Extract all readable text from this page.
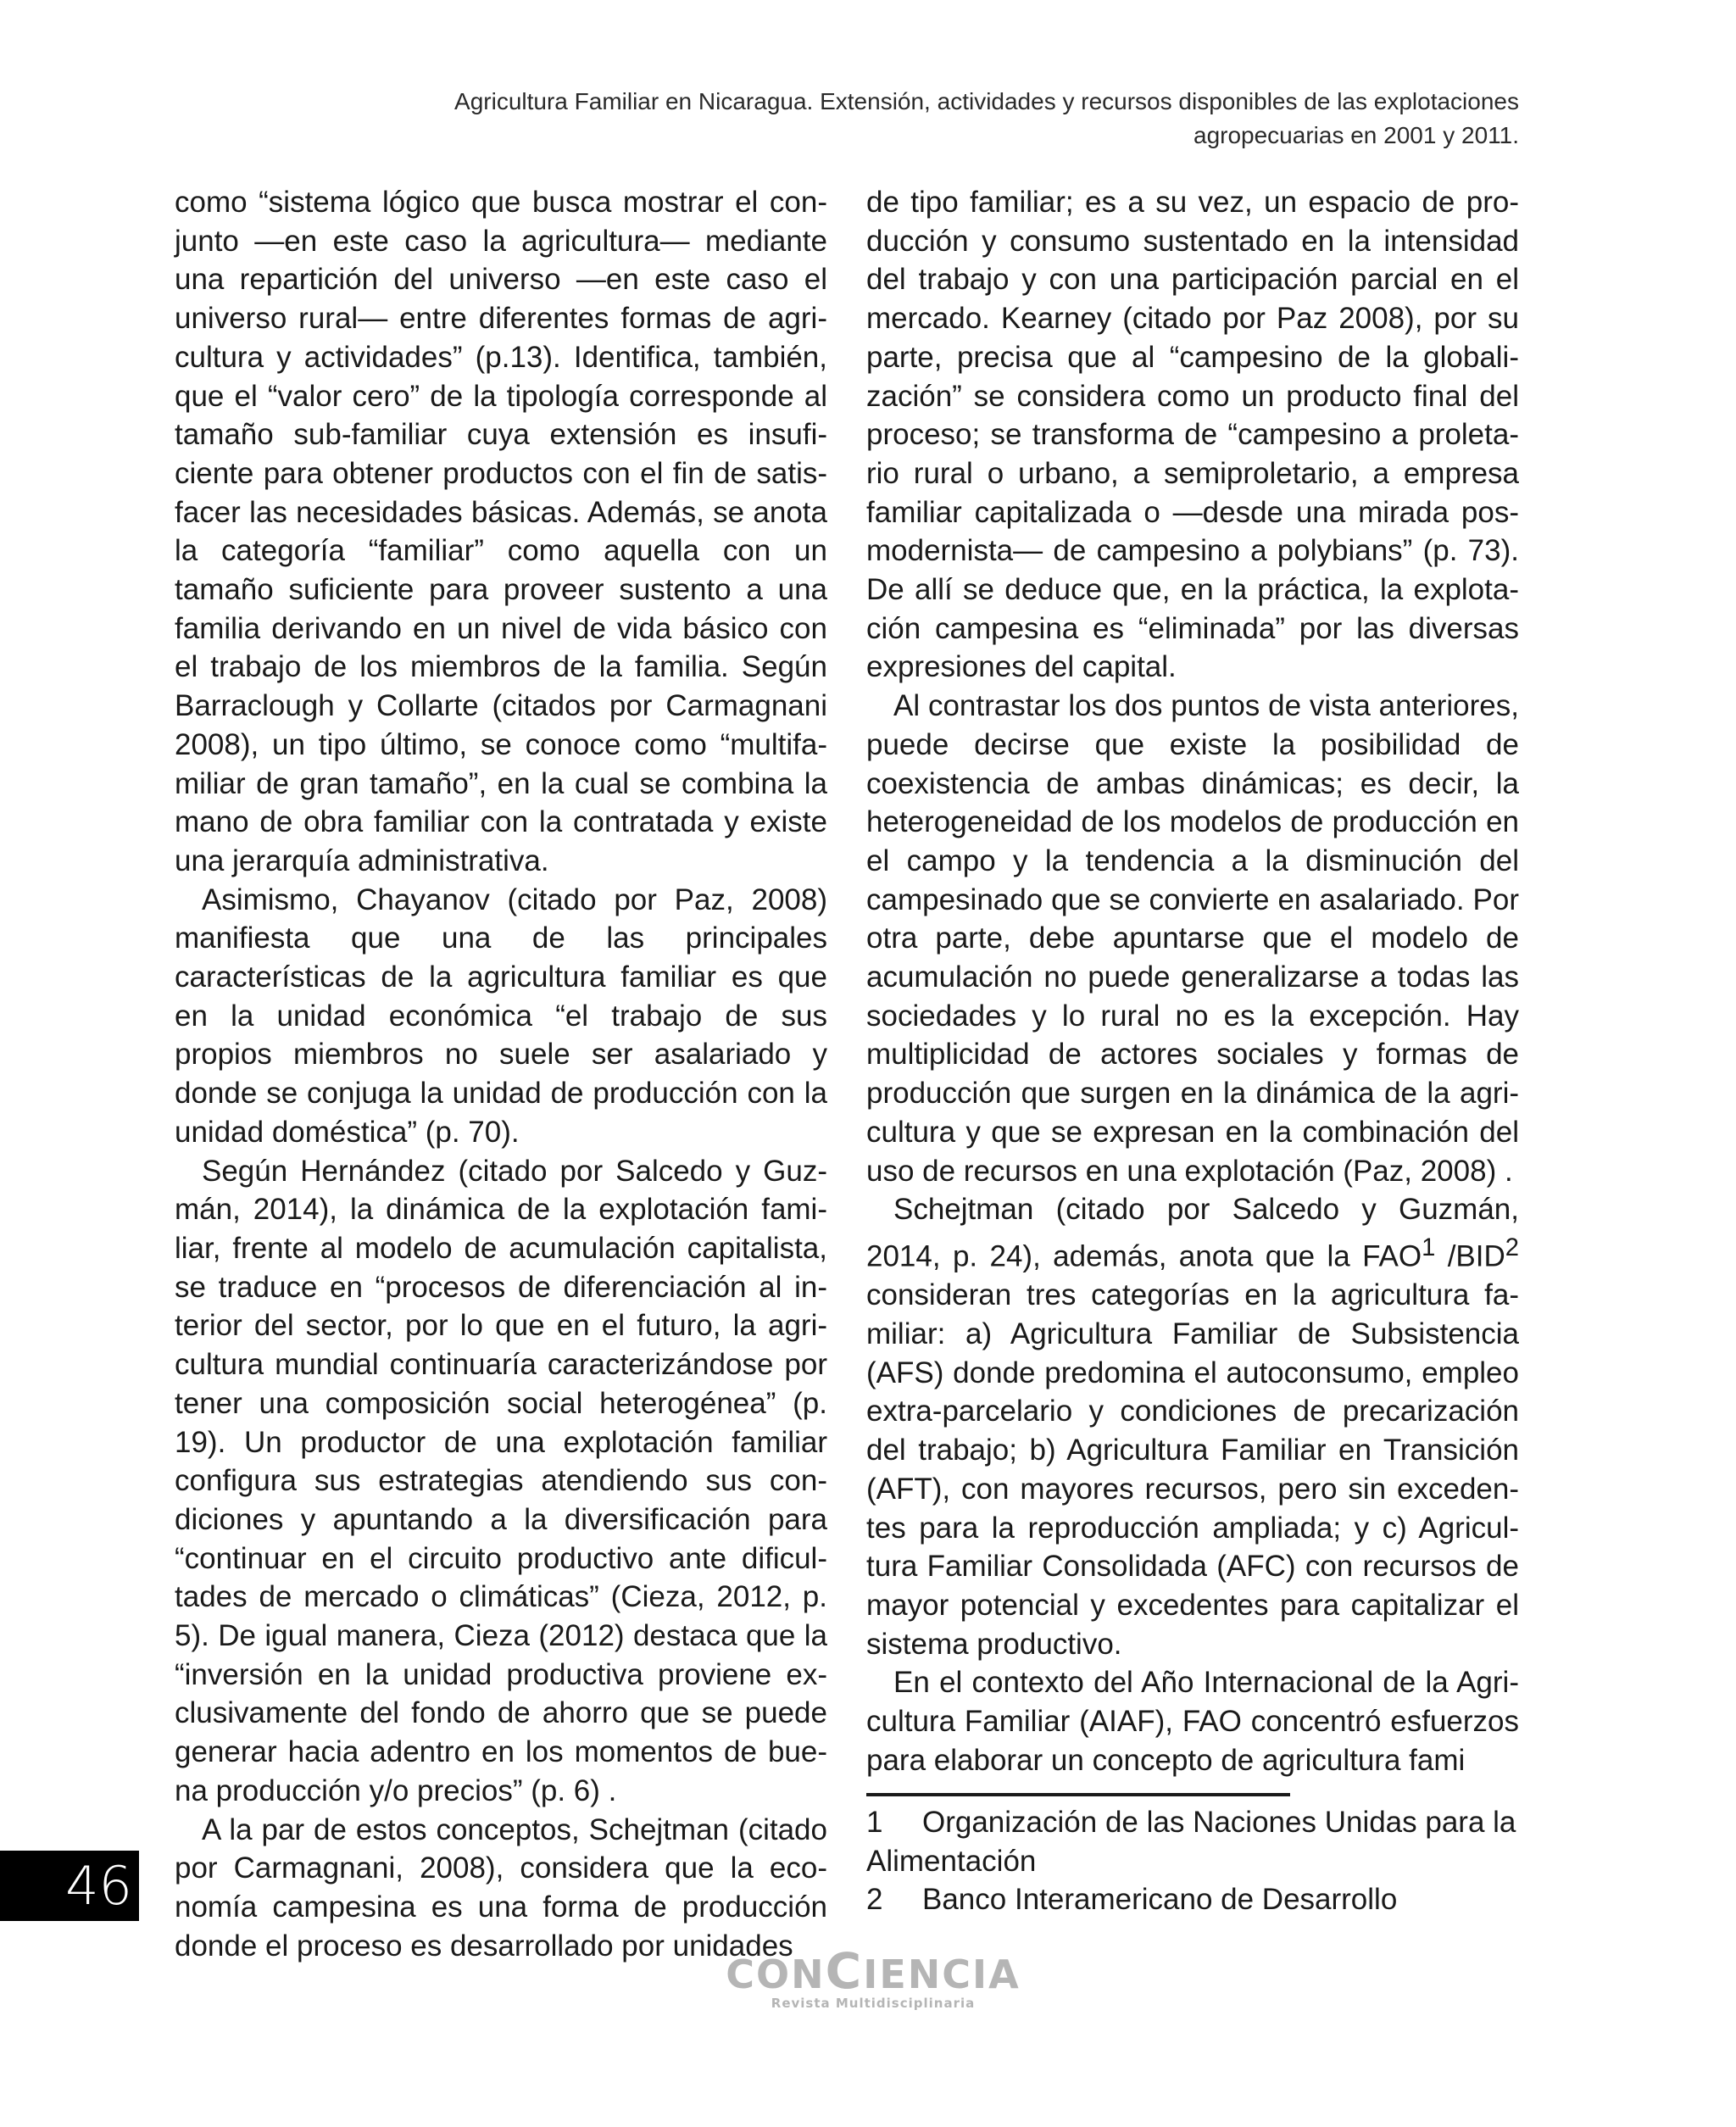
Agricultura Familiar en Nicaragua. Extensión, actividades y recursos disponibles de las explotaciones
agropecuarias en 2001 y 2011.

como “sistema lógico que busca mostrar el conjunto —en este caso la agricultura— mediante una repartición del universo —en este caso el universo rural— entre diferentes formas de agricultura y actividades” (p.13). Identifica, también, que el “valor cero” de la tipología corresponde al tamaño sub-familiar cuya extensión es insuficiente para obtener productos con el fin de satisfacer las necesidades básicas. Además, se anota la categoría “familiar” como aquella con un tamaño suficiente para proveer sustento a una familia derivando en un nivel de vida básico con el trabajo de los miembros de la familia. Según Barraclough y Collarte (citados por Carmagnani 2008), un tipo último, se conoce como “multifamiliar de gran tamaño”, en la cual se combina la mano de obra familiar con la contratada y existe una jerarquía administrativa.

Asimismo, Chayanov (citado por Paz, 2008) manifiesta que una de las principales características de la agricultura familiar es que en la unidad económica “el trabajo de sus propios miembros no suele ser asalariado y donde se conjuga la unidad de producción con la unidad doméstica” (p. 70).

Según Hernández (citado por Salcedo y Guzmán, 2014), la dinámica de la explotación familiar, frente al modelo de acumulación capitalista, se traduce en “procesos de diferenciación al interior del sector, por lo que en el futuro, la agricultura mundial continuaría caracterizándose por tener una composición social heterogénea” (p. 19). Un productor de una explotación familiar configura sus estrategias atendiendo sus condiciones y apuntando a la diversificación para “continuar en el circuito productivo ante dificultades de mercado o climáticas” (Cieza, 2012, p. 5). De igual manera, Cieza (2012) destaca que la “inversión en la unidad productiva proviene exclusivamente del fondo de ahorro que se puede generar hacia adentro en los momentos de buena producción y/o precios” (p. 6) .

A la par de estos conceptos, Schejtman (citado por Carmagnani, 2008), considera que la economía campesina es una forma de producción donde el proceso es desarrollado por unidades

de tipo familiar; es a su vez, un espacio de producción y consumo sustentado en la intensidad del trabajo y con una participación parcial en el mercado. Kearney (citado por Paz 2008), por su parte, precisa que al “campesino de la globalización” se considera como un producto final del proceso; se transforma de “campesino a proletario rural o urbano, a semiproletario, a empresa familiar capitalizada o —desde una mirada posmodernista— de campesino a polybians” (p. 73). De allí se deduce que, en la práctica, la explotación campesina es “eliminada” por las diversas expresiones del capital.

Al contrastar los dos puntos de vista anteriores, puede decirse que existe la posibilidad de coexistencia de ambas dinámicas; es decir, la heterogeneidad de los modelos de producción en el campo y la tendencia a la disminución del campesinado que se convierte en asalariado. Por otra parte, debe apuntarse que el modelo de acumulación no puede generalizarse a todas las sociedades y lo rural no es la excepción. Hay multiplicidad de actores sociales y formas de producción que surgen en la dinámica de la agricultura y que se expresan en la combinación del uso de recursos en una explotación (Paz, 2008) .

Schejtman (citado por Salcedo y Guzmán, 2014, p. 24), además, anota que la FAO$^1$ /BID$^2$ consideran tres categorías en la agricultura familiar: a) Agricultura Familiar de Subsistencia (AFS) donde predomina el autoconsumo, empleo extra-parcelario y condiciones de precarización del trabajo; b) Agricultura Familiar en Transición (AFT), con mayores recursos, pero sin excedentes para la reproducción ampliada; y c) Agricultura Familiar Consolidada (AFC) con recursos de mayor potencial y excedentes para capitalizar el sistema productivo.

En el contexto del Año Internacional de la Agricultura Familiar (AIAF), FAO concentró esfuerzos para elaborar un concepto de agricultura fami

1 Organización de las Naciones Unidas para la Alimentación
2 Banco Interamericano de Desarrollo
46
CONCIENCIA
Revista Multidisciplinaria
